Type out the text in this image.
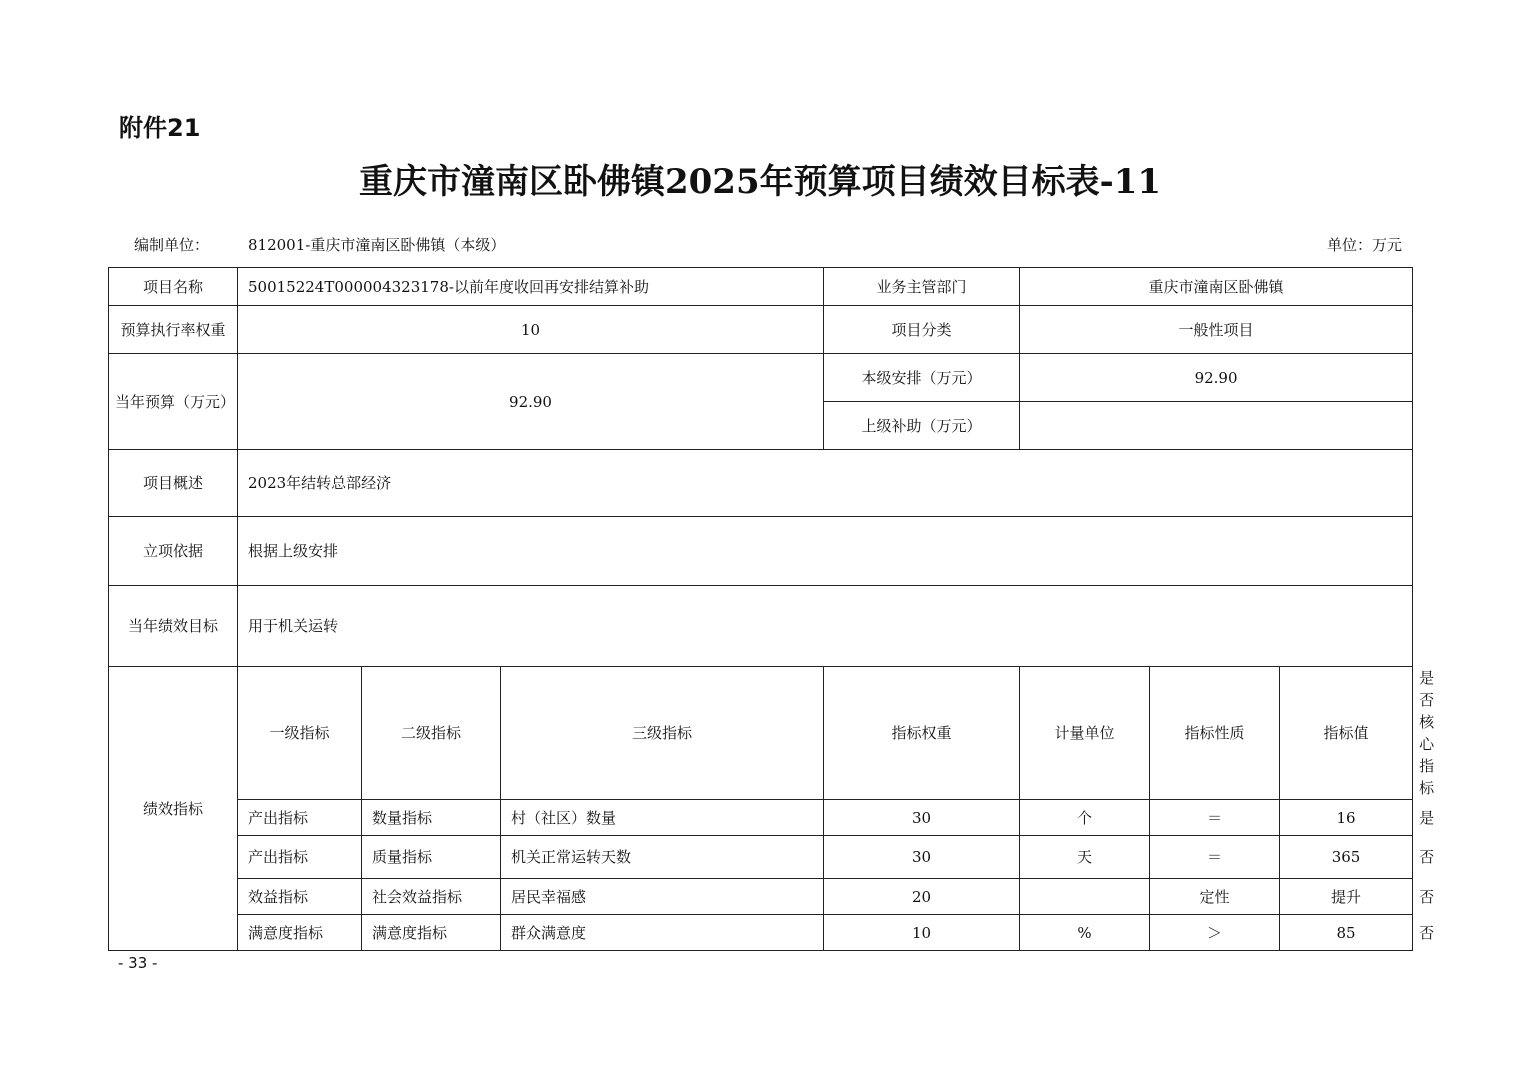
附件21
重庆市潼南区卧佛镇2025年预算项目绩效目标表-11
编制单位：	812001-重庆市潼南区卧佛镇（本级）	单位：万元
项目名称	50015224T000004323178-以前年度收回再安排结算补助			业务主管部门	重庆市潼南区卧佛镇			
预算执行率权重	10			项目分类	一般性项目			
当年预算（万元）	92.90			本级安排（万元）	92.90			
				上级补助（万元）				
项目概述	2023年结转总部经济							
立项依据	根据上级安排							
当年绩效目标	用于机关运转							
绩效指标	一级指标	二级指标	三级指标	指标权重	计量单位	指标性质	指标值	是否核心指标
	产出指标	数量指标	村（社区）数量	30	个	＝	16	是
	产出指标	质量指标	机关正常运转天数	30	天	＝	365	否
	效益指标	社会效益指标	居民幸福感	20		定性	提升	否
	满意度指标	满意度指标	群众满意度	10	%	＞	85	否
- 33 -
